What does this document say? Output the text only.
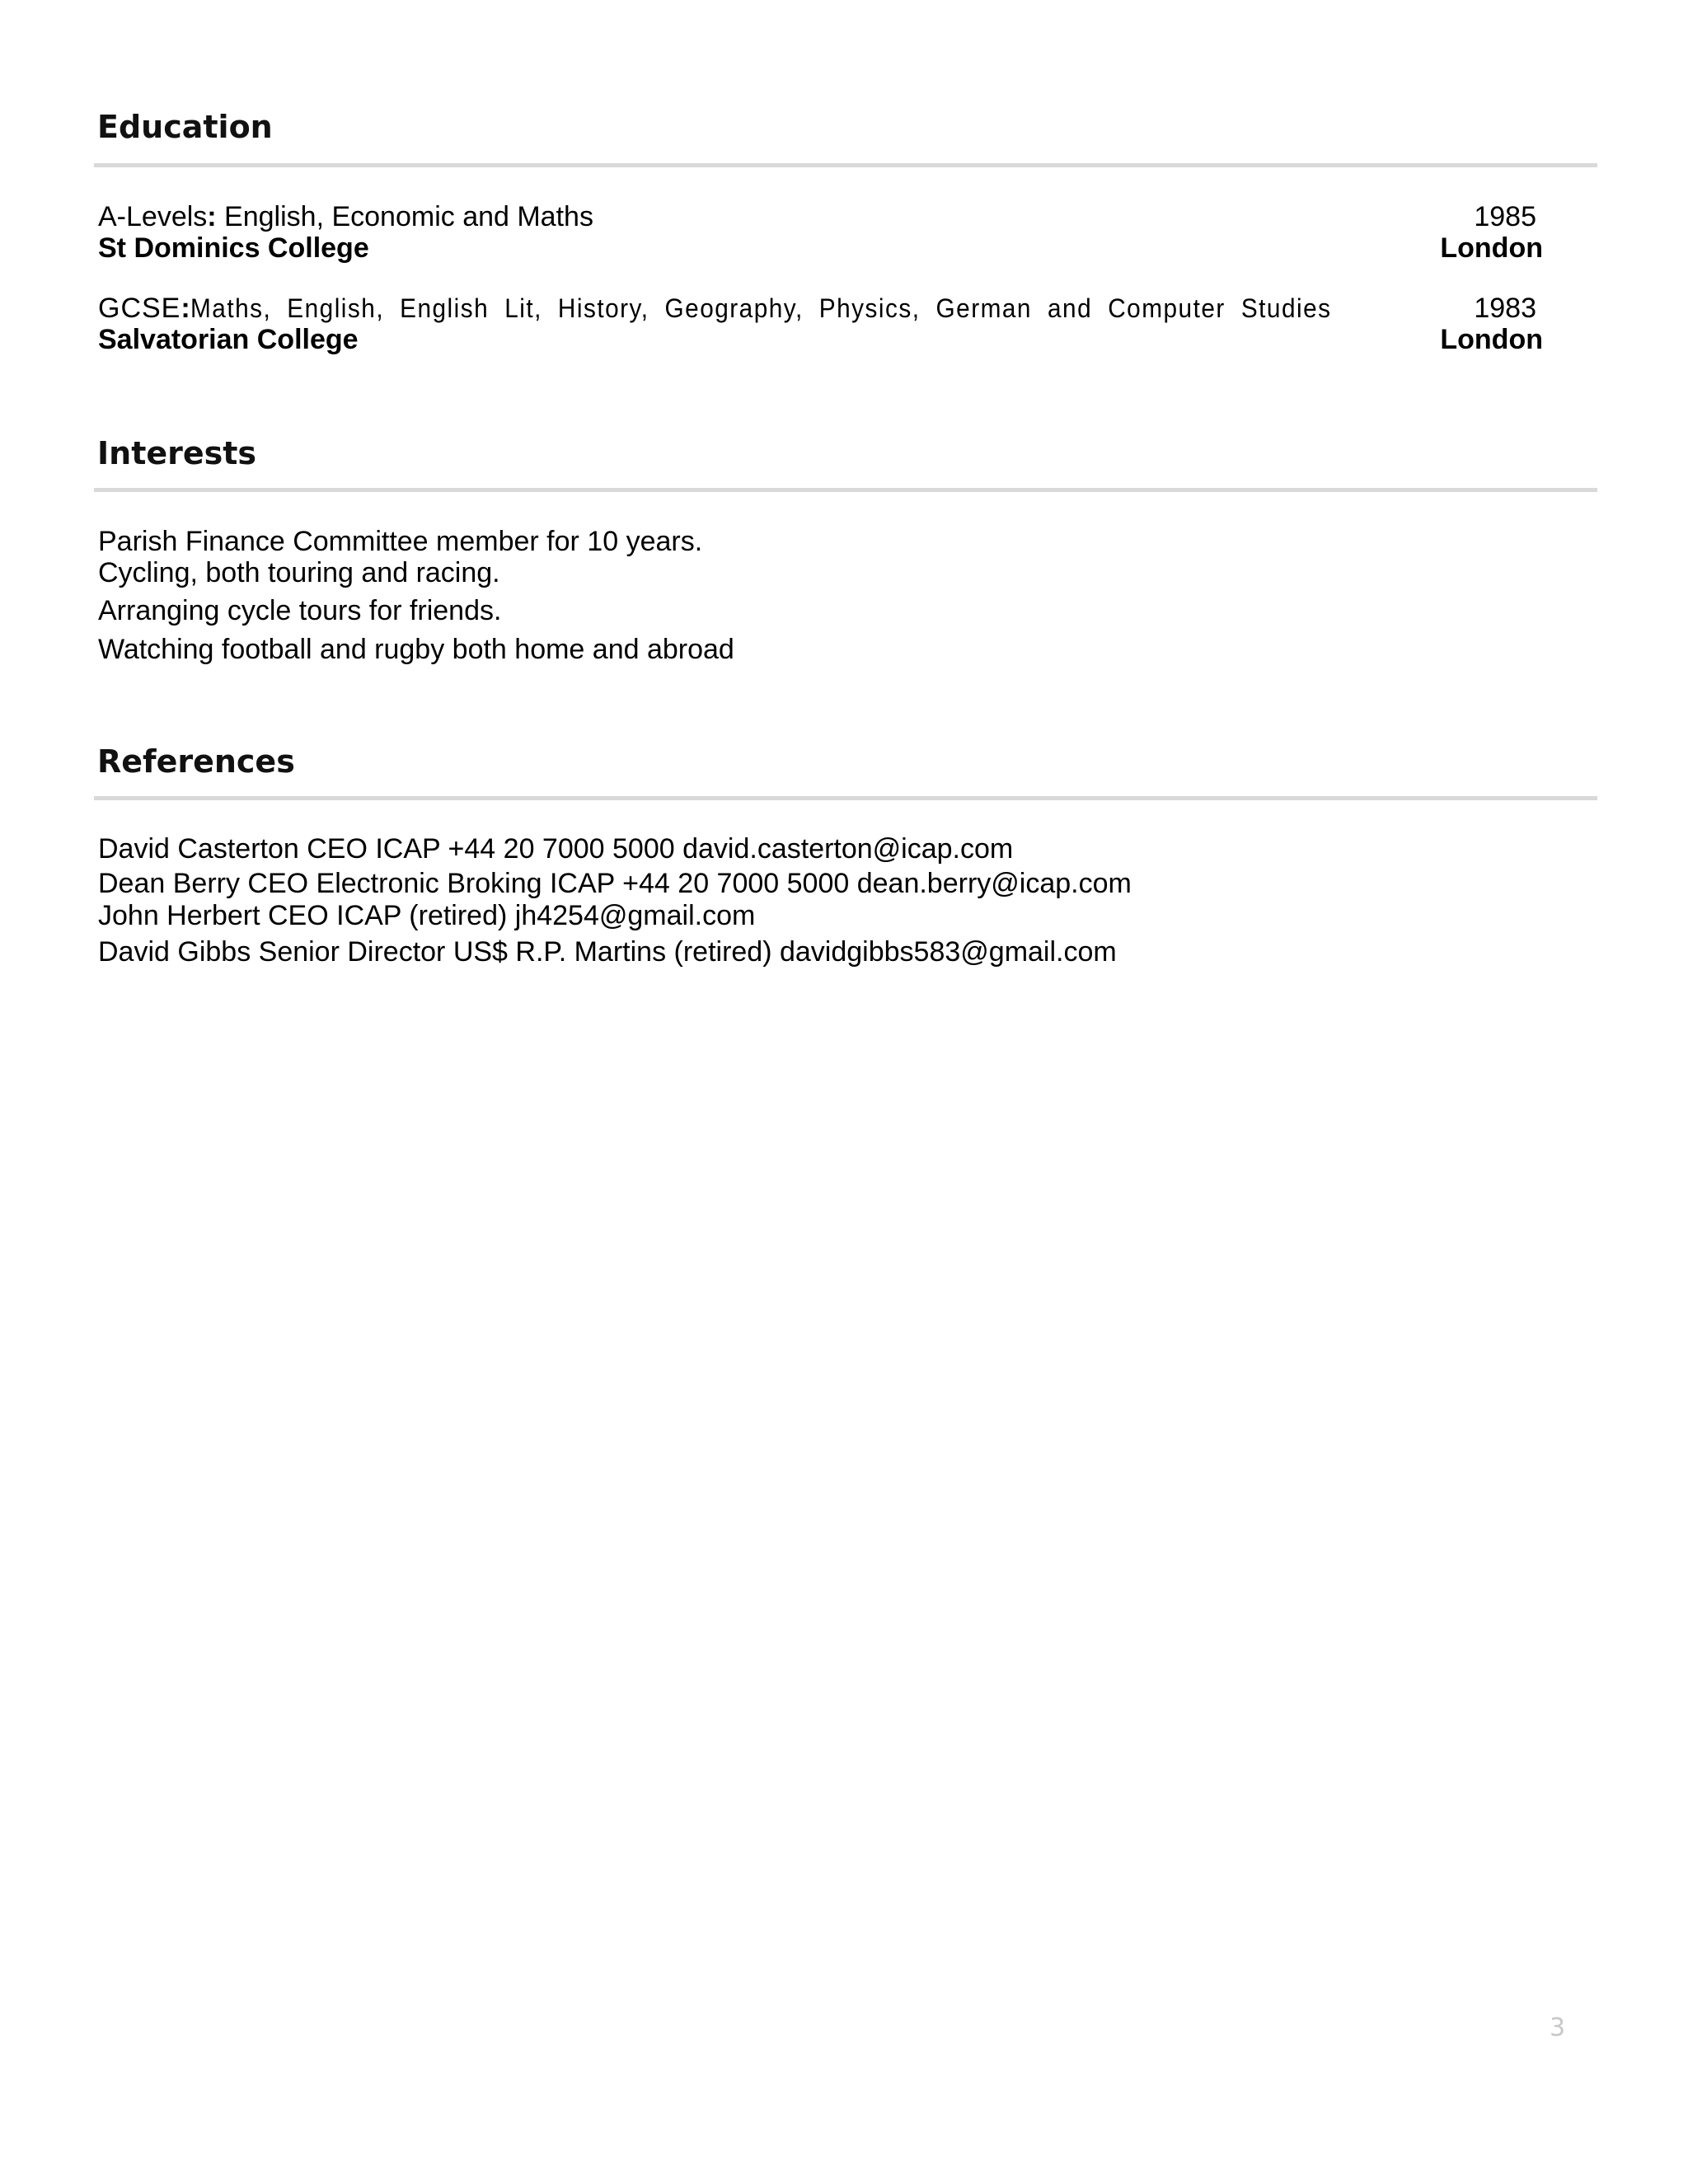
Education
A-Levels: English, Economic and Maths	1985
St Dominics College	London
GCSE:Maths, English, English Lit, History, Geography, Physics, German and Computer Studies	1983
Salvatorian College	London
Interests
Parish Finance Committee member for 10 years.
Cycling, both touring and racing.
Arranging cycle tours for friends.
Watching football and rugby both home and abroad
References
David Casterton CEO ICAP +44 20 7000 5000 david.casterton@icap.com
Dean Berry CEO Electronic Broking ICAP +44 20 7000 5000 dean.berry@icap.com
John Herbert CEO ICAP (retired) jh4254@gmail.com
David Gibbs Senior Director US$ R.P. Martins (retired) davidgibbs583@gmail.com
3
